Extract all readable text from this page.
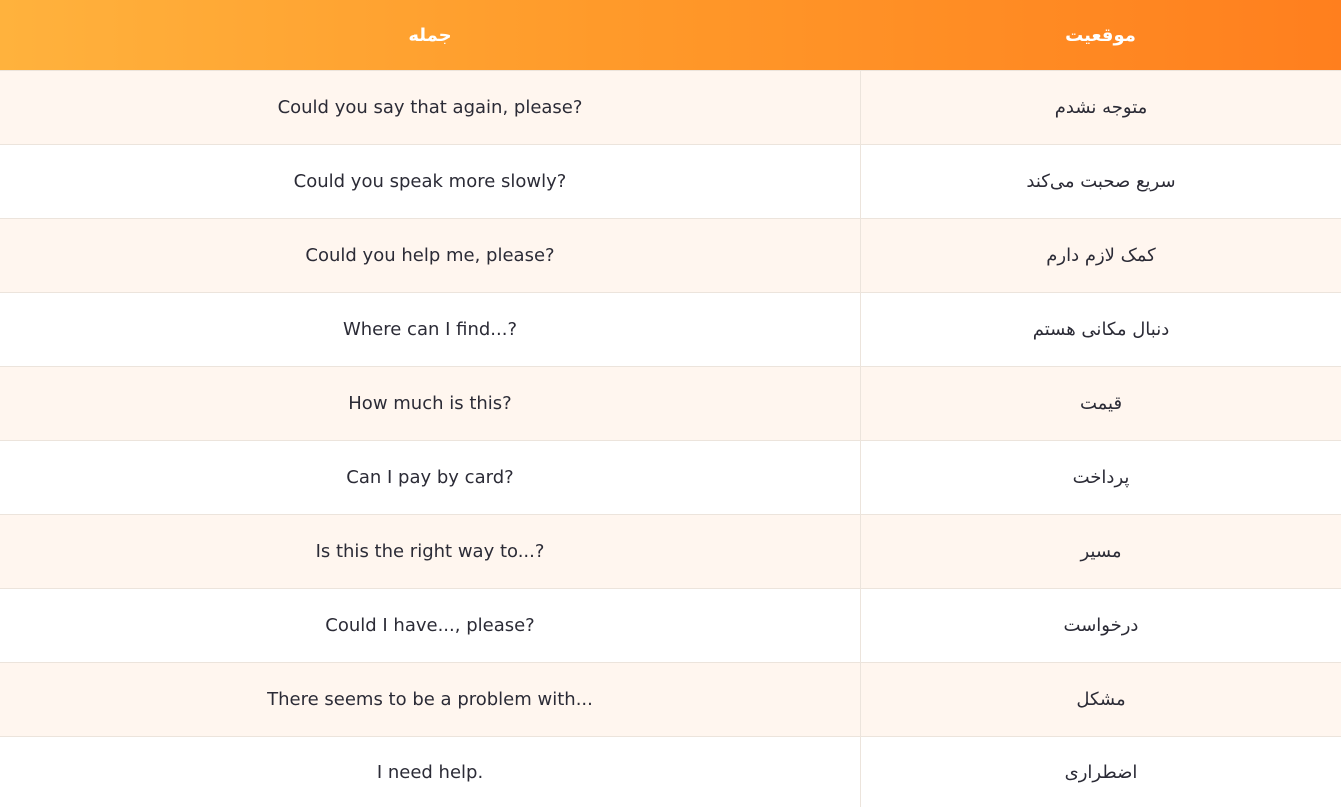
جمله	موقعیت
Could you say that again, please?	متوجه نشدم
Could you speak more slowly?	سریع صحبت می‌کند
Could you help me, please?	کمک لازم دارم
Where can I find...?	دنبال مکانی هستم
How much is this?	قیمت
Can I pay by card?	پرداخت
Is this the right way to...?	مسیر
Could I have..., please?	درخواست
There seems to be a problem with...	مشکل
I need help.	اضطراری
